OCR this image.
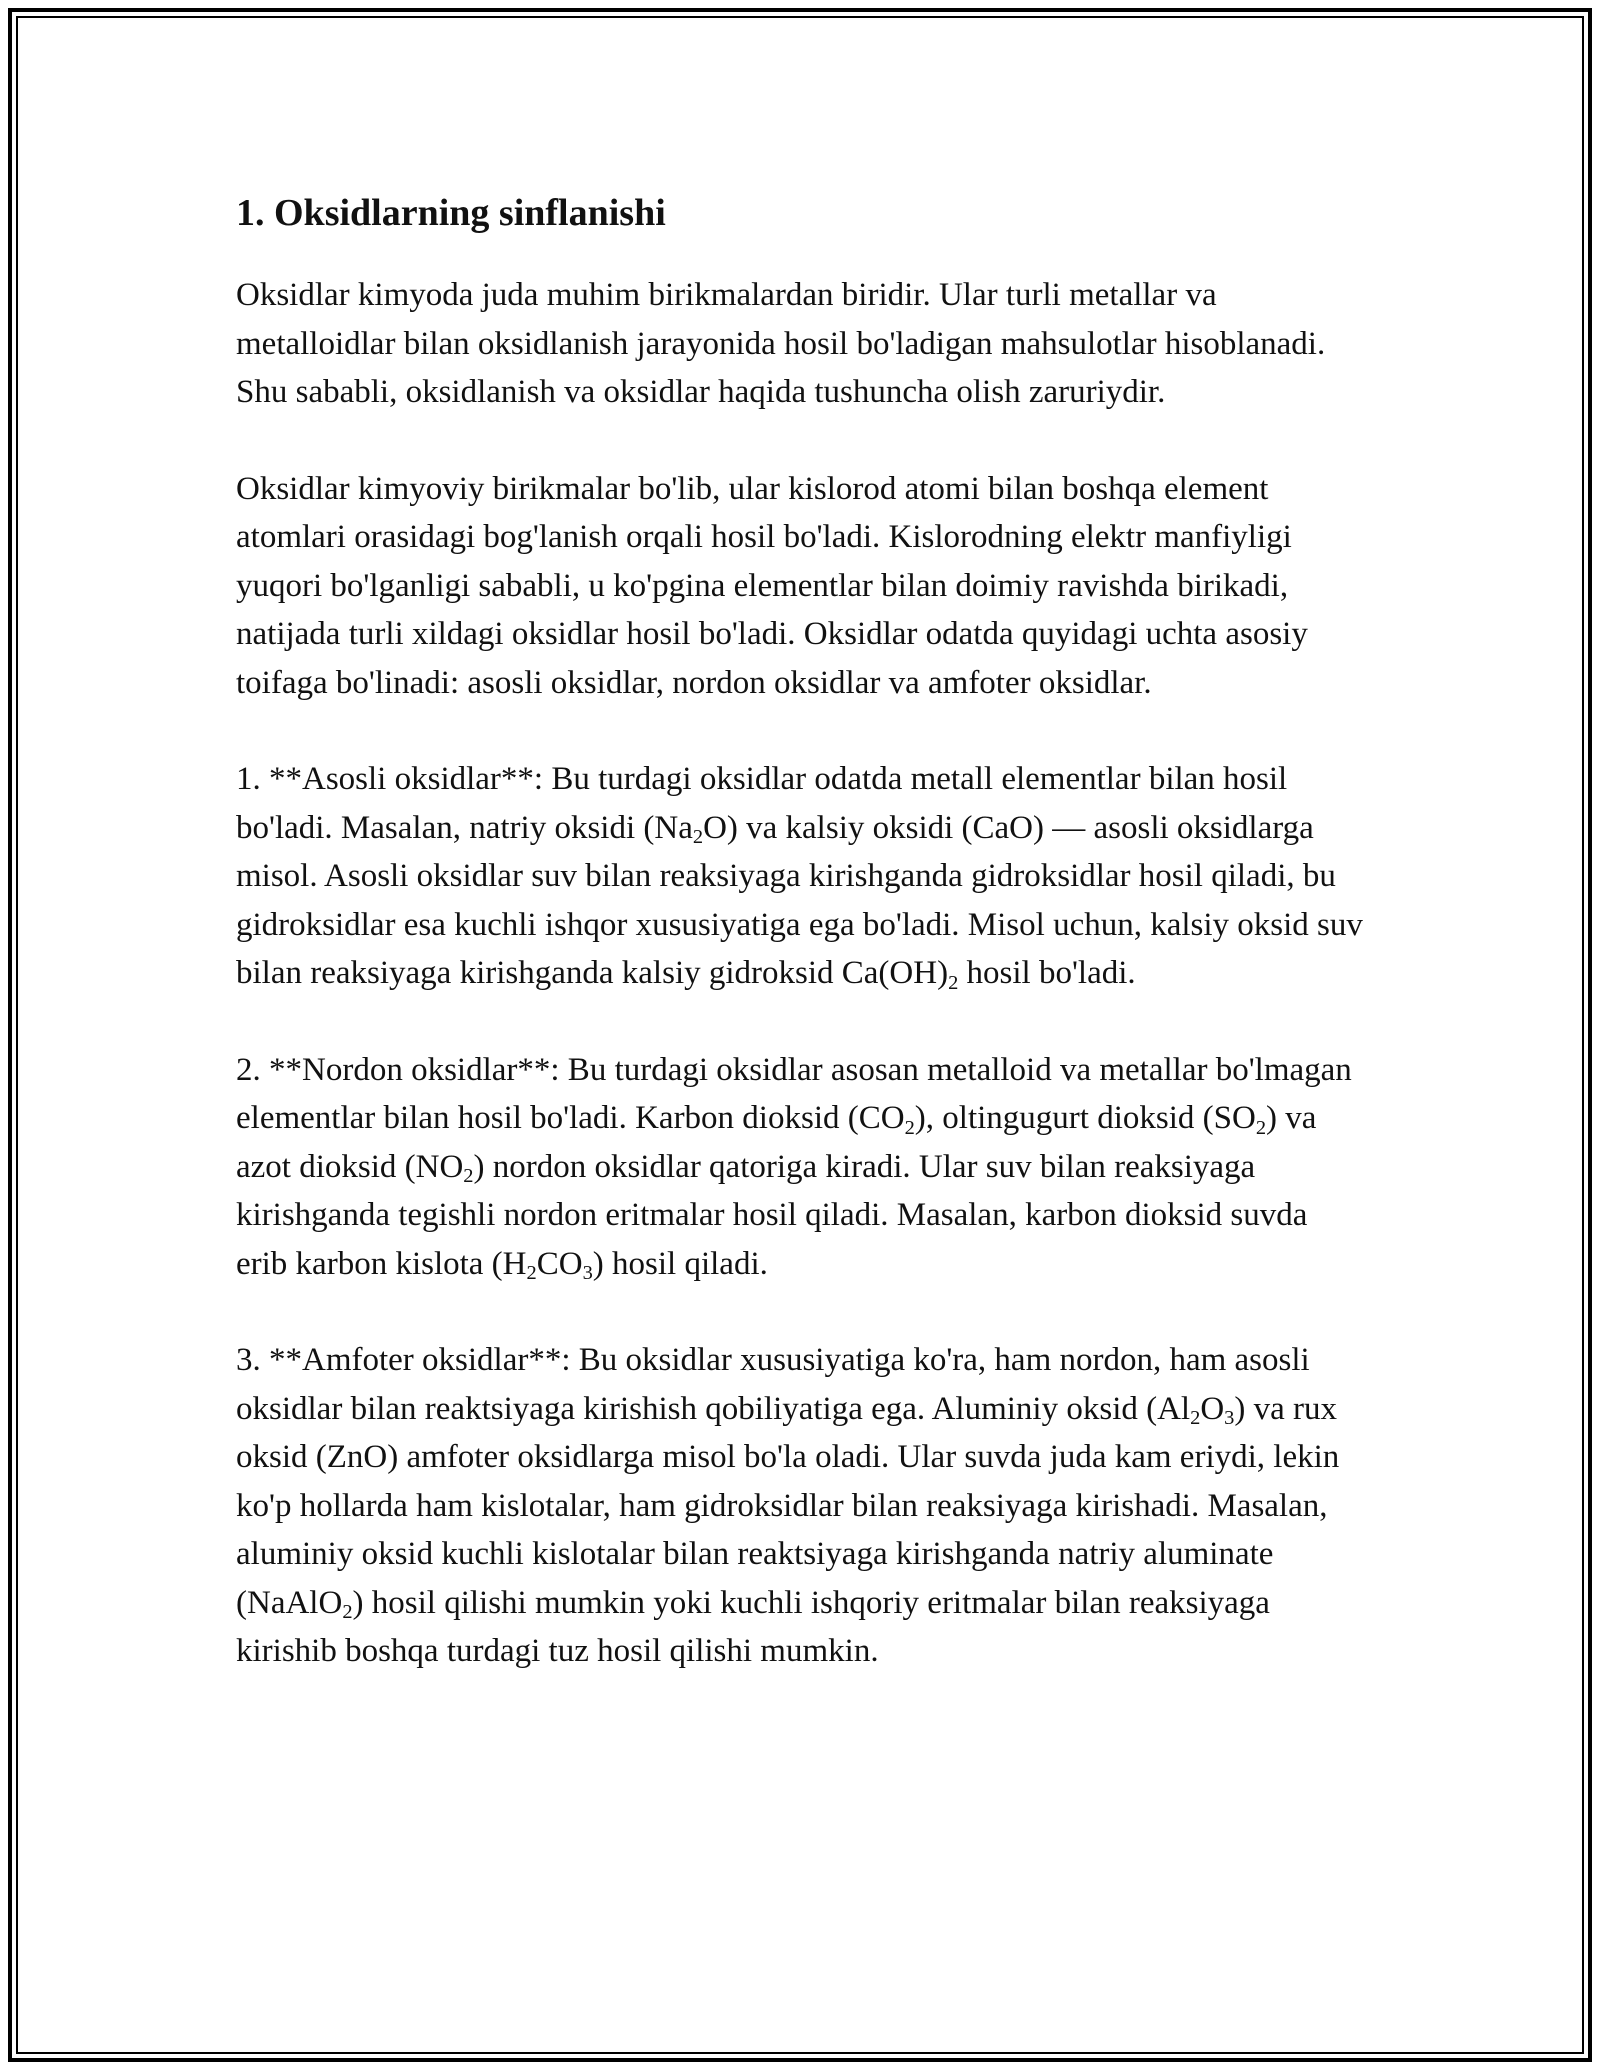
1. Oksidlarning sinflanishi

Oksidlar kimyoda juda muhim birikmalardan biridir. Ular turli metallar va metalloidlar bilan oksidlanish jarayonida hosil bo'ladigan mahsulotlar hisoblanadi. Shu sababli, oksidlanish va oksidlar haqida tushuncha olish zaruriydir.

Oksidlar kimyoviy birikmalar bo'lib, ular kislorod atomi bilan boshqa element atomlari orasidagi bog'lanish orqali hosil bo'ladi. Kislorodning elektr manfiyligi yuqori bo'lganligi sababli, u ko'pgina elementlar bilan doimiy ravishda birikadi, natijada turli xildagi oksidlar hosil bo'ladi. Oksidlar odatda quyidagi uchta asosiy toifaga bo'linadi: asosli oksidlar, nordon oksidlar va amfoter oksidlar.

1. **Asosli oksidlar**: Bu turdagi oksidlar odatda metall elementlar bilan hosil bo'ladi. Masalan, natriy oksidi $(Na_2O)$ va kalsiy oksidi (CaO) — asosli oksidlarga misol. Asosli oksidlar suv bilan reaksiyaga kirishganda gidroksidlar hosil qiladi, bu gidroksidlar esa kuchli ishqor xususiyatiga ega bo'ladi. Misol uchun, kalsiy oksid suv bilan reaksiyaga kirishganda kalsiy gidroksid $Ca(OH)_2$ hosil bo'ladi.

2. **Nordon oksidlar**: Bu turdagi oksidlar asosan metalloid va metallar bo'lmagan elementlar bilan hosil bo'ladi. Karbon dioksid $(CO_2)$, oltingugurt dioksid $(SO_2)$ va azot dioksid $(NO_2)$ nordon oksidlar qatoriga kiradi. Ular suv bilan reaksiyaga kirishganda tegishli nordon eritmalar hosil qiladi. Masalan, karbon dioksid suvda erib karbon kislota $(H_2CO_3)$ hosil qiladi.

3. **Amfoter oksidlar**: Bu oksidlar xususiyatiga ko'ra, ham nordon, ham asosli oksidlar bilan reaktsiyaga kirishish qobiliyatiga ega. Aluminiy oksid $(Al_2O_3)$ va rux oksid (ZnO) amfoter oksidlarga misol bo'la oladi. Ular suvda juda kam eriydi, lekin ko'p hollarda ham kislotalar, ham gidroksidlar bilan reaksiyaga kirishadi. Masalan, aluminiy oksid kuchli kislotalar bilan reaktsiyaga kirishganda natriy aluminate (NaAlO$_2$) hosil qilishi mumkin yoki kuchli ishqoriy eritmalar bilan reaksiyaga kirishib boshqa turdagi tuz hosil qilishi mumkin.
